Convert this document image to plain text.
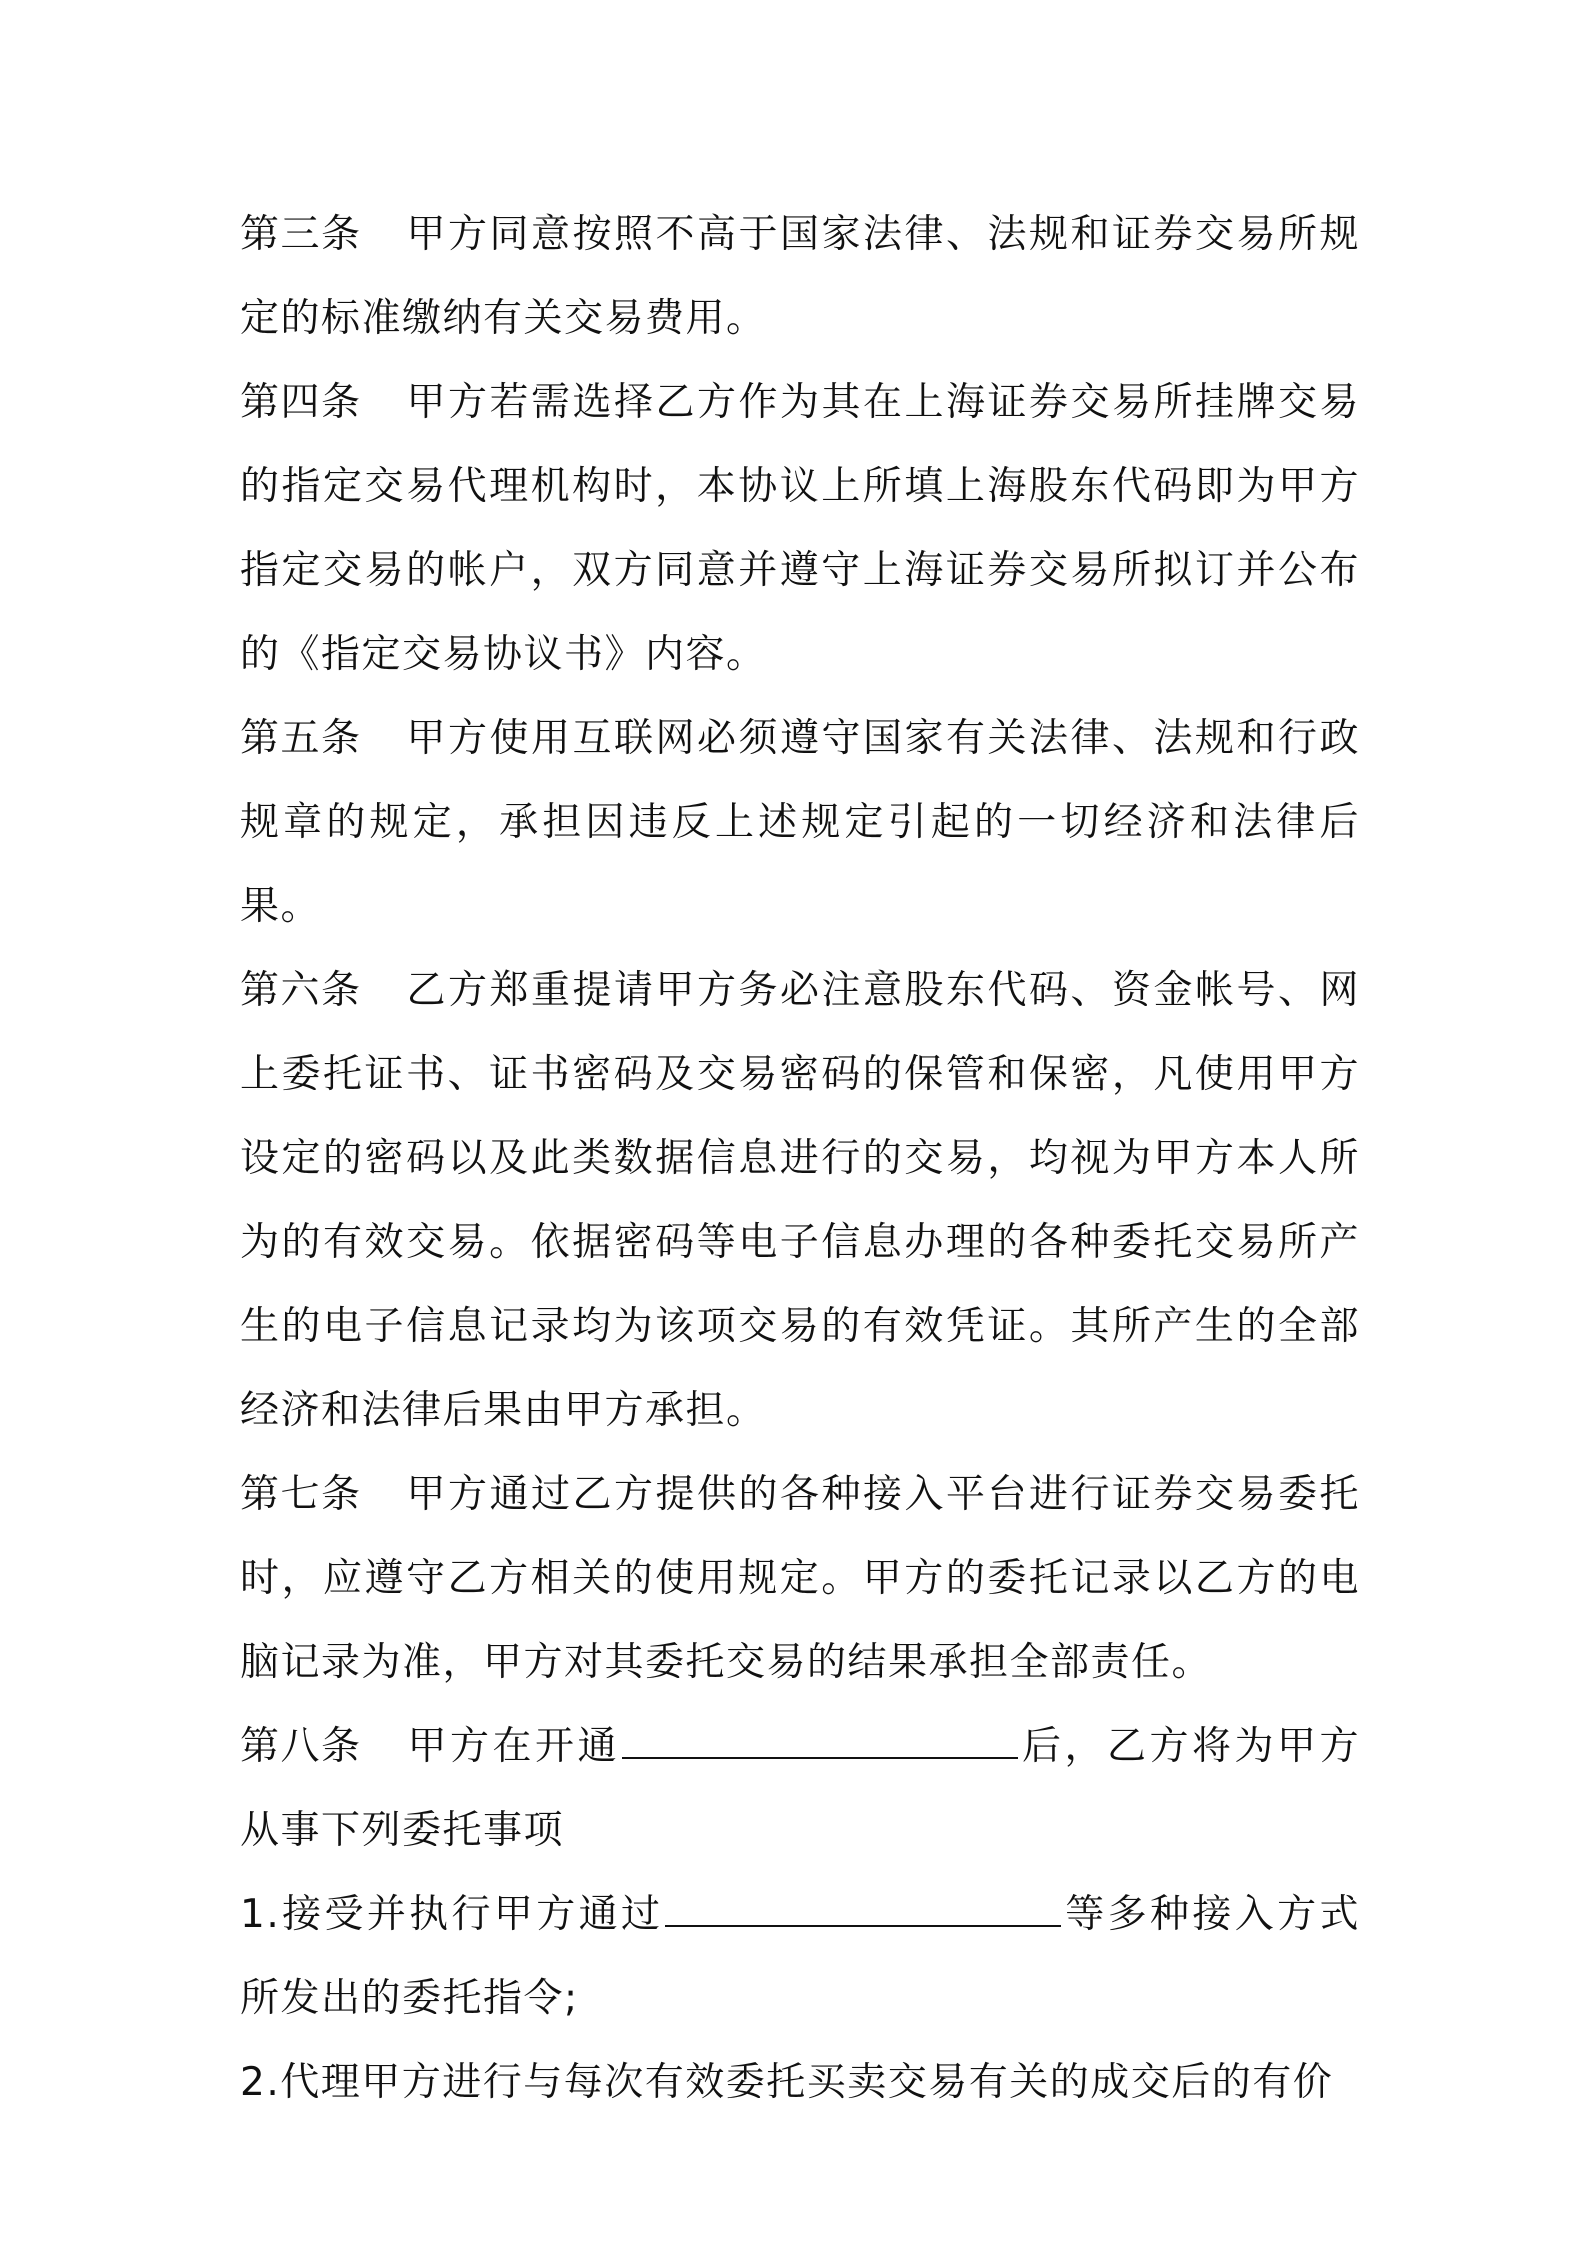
第三条 甲方同意按照不高于国家法律、法规和证券交易所规定的标准缴纳有关交易费用。

第四条 甲方若需选择乙方作为其在上海证券交易所挂牌交易的指定交易代理机构时，本协议上所填上海股东代码即为甲方指定交易的帐户，双方同意并遵守上海证券交易所拟订并公布的《指定交易协议书》内容。

第五条 甲方使用互联网必须遵守国家有关法律、法规和行政规章的规定，承担因违反上述规定引起的一切经济和法律后果。

第六条 乙方郑重提请甲方务必注意股东代码、资金帐号、网上委托证书、证书密码及交易密码的保管和保密，凡使用甲方设定的密码以及此类数据信息进行的交易，均视为甲方本人所为的有效交易。依据密码等电子信息办理的各种委托交易所产生的电子信息记录均为该项交易的有效凭证。其所产生的全部经济和法律后果由甲方承担。

第七条 甲方通过乙方提供的各种接入平台进行证券交易委托时，应遵守乙方相关的使用规定。甲方的委托记录以乙方的电脑记录为准，甲方对其委托交易的结果承担全部责任。

第八条 甲方在开通	后，乙方将为甲方从事下列委托事项

1.接受并执行甲方通过	等多种接入方式所发出的委托指令;

2.代理甲方进行与每次有效委托买卖交易有关的成交后的有价
